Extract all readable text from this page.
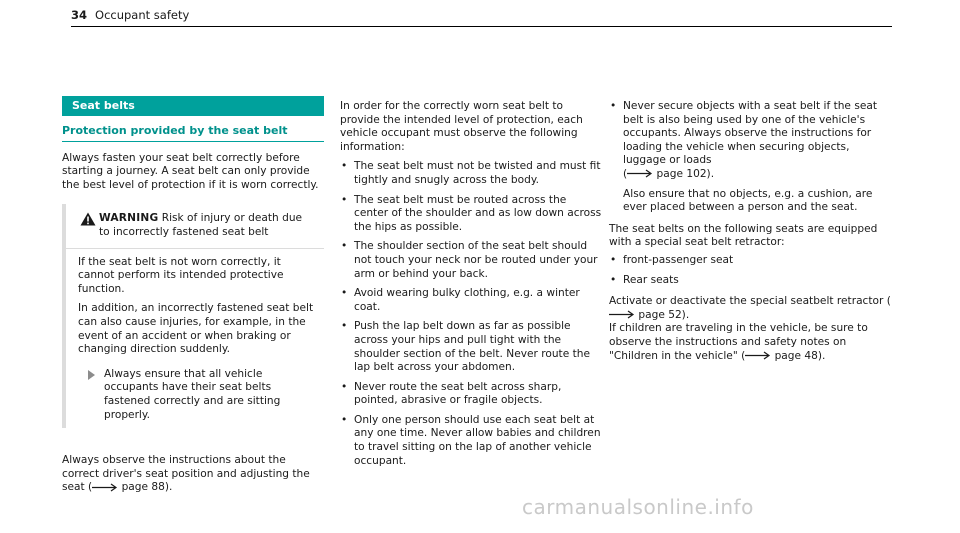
34 Occupant safety
Seat belts
Protection provided by the seat belt

Always fasten your seat belt correctly before starting a journey. A seat belt can only provide the best level of protection if it is worn correctly.

WARNING Risk of injury or death due to incorrectly fastened seat belt

If the seat belt is not worn correctly, it cannot perform its intended protective function.

In addition, an incorrectly fastened seat belt can also cause injuries, for example, in the event of an accident or when braking or changing direction suddenly.

Always ensure that all vehicle occupants have their seat belts fastened correctly and are sitting properly.

Always observe the instructions about the correct driver's seat position and adjusting the seat (	page 88).

In order for the correctly worn seat belt to provide the intended level of protection, each vehicle occupant must observe the following information:

• The seat belt must not be twisted and must fit tightly and snugly across the body.
• The seat belt must be routed across the center of the shoulder and as low down across the hips as possible.
• The shoulder section of the seat belt should not touch your neck nor be routed under your arm or behind your back.
• Avoid wearing bulky clothing, e.g. a winter coat.
• Push the lap belt down as far as possible across your hips and pull tight with the shoulder section of the belt. Never route the lap belt across your abdomen.
• Never route the seat belt across sharp, pointed, abrasive or fragile objects.
• Only one person should use each seat belt at any one time. Never allow babies and children to travel sitting on the lap of another vehicle occupant.
• Never secure objects with a seat belt if the seat belt is also being used by one of the vehicle's occupants. Always observe the instructions for loading the vehicle when securing objects, luggage or loads
(	page 102).

Also ensure that no objects, e.g. a cushion, are ever placed between a person and the seat.

The seat belts on the following seats are equipped with a special seat belt retractor:

• front-passenger seat
• Rear seats

Activate or deactivate the special seatbelt retractor ( page 52).

If children are traveling in the vehicle, be sure to observe the instructions and safety notes on "Children in the vehicle" (	page 48).

carmanualsonline.info
